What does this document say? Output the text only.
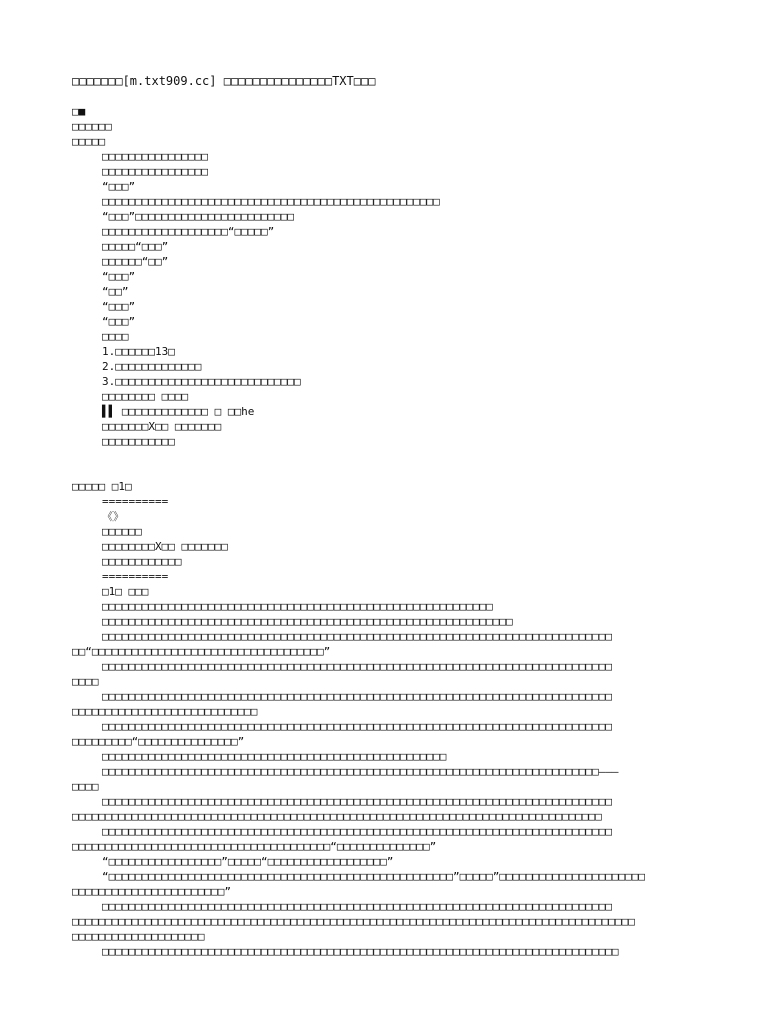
□□□□□□□[m.txt909.cc] □□□□□□□□□□□□□□□TXT□□□
□■
□□□□□□
□□□□□
□□□□□□□□□□□□□□□□
□□□□□□□□□□□□□□□□
“□□□”
□□□□□□□□□□□□□□□□□□□□□□□□□□□□□□□□□□□□□□□□□□□□□□□□□□□
“□□□”□□□□□□□□□□□□□□□□□□□□□□□□
□□□□□□□□□□□□□□□□□□□“□□□□□”
□□□□□“□□□”
□□□□□□“□□”
“□□□”
“□□”
“□□□”
“□□□”
□□□□
1.□□□□□□13□
2.□□□□□□□□□□□□□
3.□□□□□□□□□□□□□□□□□□□□□□□□□□□□
□□□□□□□□ □□□□
▌▌ □□□□□□□□□□□□□ □ □□he
□□□□□□□X□□ □□□□□□□
□□□□□□□□□□□
□□□□□ □1□
==========
《》
□□□□□□
□□□□□□□□X□□ □□□□□□□
□□□□□□□□□□□□
==========
□1□ □□□
□□□□□□□□□□□□□□□□□□□□□□□□□□□□□□□□□□□□□□□□□□□□□□□□□□□□□□□□□□□
□□□□□□□□□□□□□□□□□□□□□□□□□□□□□□□□□□□□□□□□□□□□□□□□□□□□□□□□□□□□□□
□□□□□□□□□□□□□□□□□□□□□□□□□□□□□□□□□□□□□□□□□□□□□□□□□□□□□□□□□□□□□□□□□□□□□□□□□□□□□
□□“□□□□□□□□□□□□□□□□□□□□□□□□□□□□□□□□□□□”
□□□□□□□□□□□□□□□□□□□□□□□□□□□□□□□□□□□□□□□□□□□□□□□□□□□□□□□□□□□□□□□□□□□□□□□□□□□□□
□□□□
□□□□□□□□□□□□□□□□□□□□□□□□□□□□□□□□□□□□□□□□□□□□□□□□□□□□□□□□□□□□□□□□□□□□□□□□□□□□□
□□□□□□□□□□□□□□□□□□□□□□□□□□□□
□□□□□□□□□□□□□□□□□□□□□□□□□□□□□□□□□□□□□□□□□□□□□□□□□□□□□□□□□□□□□□□□□□□□□□□□□□□□□
□□□□□□□□□“□□□□□□□□□□□□□□□”
□□□□□□□□□□□□□□□□□□□□□□□□□□□□□□□□□□□□□□□□□□□□□□□□□□□□
□□□□□□□□□□□□□□□□□□□□□□□□□□□□□□□□□□□□□□□□□□□□□□□□□□□□□□□□□□□□□□□□□□□□□□□□□□□———
□□□□
□□□□□□□□□□□□□□□□□□□□□□□□□□□□□□□□□□□□□□□□□□□□□□□□□□□□□□□□□□□□□□□□□□□□□□□□□□□□□
□□□□□□□□□□□□□□□□□□□□□□□□□□□□□□□□□□□□□□□□□□□□□□□□□□□□□□□□□□□□□□□□□□□□□□□□□□□□□□□□
□□□□□□□□□□□□□□□□□□□□□□□□□□□□□□□□□□□□□□□□□□□□□□□□□□□□□□□□□□□□□□□□□□□□□□□□□□□□□
□□□□□□□□□□□□□□□□□□□□□□□□□□□□□□□□□□□□□□□“□□□□□□□□□□□□□□”
“□□□□□□□□□□□□□□□□□”□□□□□“□□□□□□□□□□□□□□□□□□”
“□□□□□□□□□□□□□□□□□□□□□□□□□□□□□□□□□□□□□□□□□□□□□□□□□□□□”□□□□□”□□□□□□□□□□□□□□□□□□□□□□
□□□□□□□□□□□□□□□□□□□□□□□”
□□□□□□□□□□□□□□□□□□□□□□□□□□□□□□□□□□□□□□□□□□□□□□□□□□□□□□□□□□□□□□□□□□□□□□□□□□□□□
□□□□□□□□□□□□□□□□□□□□□□□□□□□□□□□□□□□□□□□□□□□□□□□□□□□□□□□□□□□□□□□□□□□□□□□□□□□□□□□□□□□□□
□□□□□□□□□□□□□□□□□□□□
□□□□□□□□□□□□□□□□□□□□□□□□□□□□□□□□□□□□□□□□□□□□□□□□□□□□□□□□□□□□□□□□□□□□□□□□□□□□□□
